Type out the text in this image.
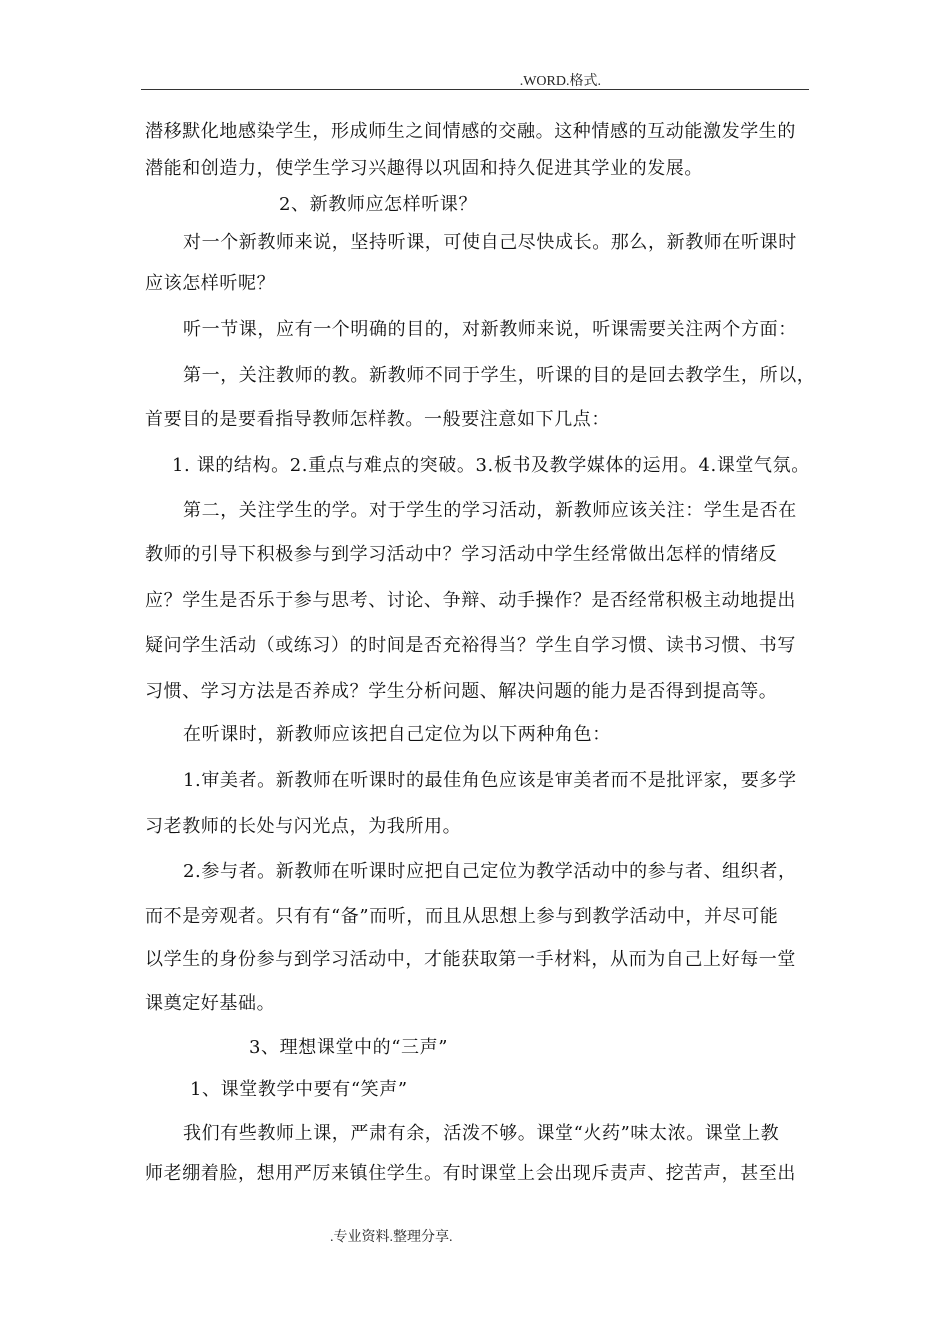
.WORD.格式.
潜移默化地感染学生，形成师生之间情感的交融。这种情感的互动能激发学生的
潜能和创造力，使学生学习兴趣得以巩固和持久促进其学业的发展。
2、新教师应怎样听课？
对一个新教师来说，坚持听课，可使自己尽快成长。那么，新教师在听课时
应该怎样听呢？
听一节课，应有一个明确的目的，对新教师来说，听课需要关注两个方面：
第一，关注教师的教。新教师不同于学生，听课的目的是回去教学生，所以，
首要目的是要看指导教师怎样教。一般要注意如下几点：
1. 课的结构。2.重点与难点的突破。3.板书及教学媒体的运用。4.课堂气氛。
第二，关注学生的学。对于学生的学习活动，新教师应该关注：学生是否在
教师的引导下积极参与到学习活动中？学习活动中学生经常做出怎样的情绪反
应？学生是否乐于参与思考、讨论、争辩、动手操作？是否经常积极主动地提出
疑问学生活动（或练习）的时间是否充裕得当？学生自学习惯、读书习惯、书写
习惯、学习方法是否养成？学生分析问题、解决问题的能力是否得到提高等。
在听课时，新教师应该把自己定位为以下两种角色：
1.审美者。新教师在听课时的最佳角色应该是审美者而不是批评家，要多学
习老教师的长处与闪光点，为我所用。
2.参与者。新教师在听课时应把自己定位为教学活动中的参与者、组织者，
而不是旁观者。只有有“备”而听，而且从思想上参与到教学活动中，并尽可能
以学生的身份参与到学习活动中，才能获取第一手材料，从而为自己上好每一堂
课奠定好基础。
3、理想课堂中的“三声”
1、课堂教学中要有“笑声”
我们有些教师上课，严肃有余，活泼不够。课堂“火药”味太浓。课堂上教
师老绷着脸，想用严厉来镇住学生。有时课堂上会出现斥责声、挖苦声，甚至出
.专业资料.整理分享.
